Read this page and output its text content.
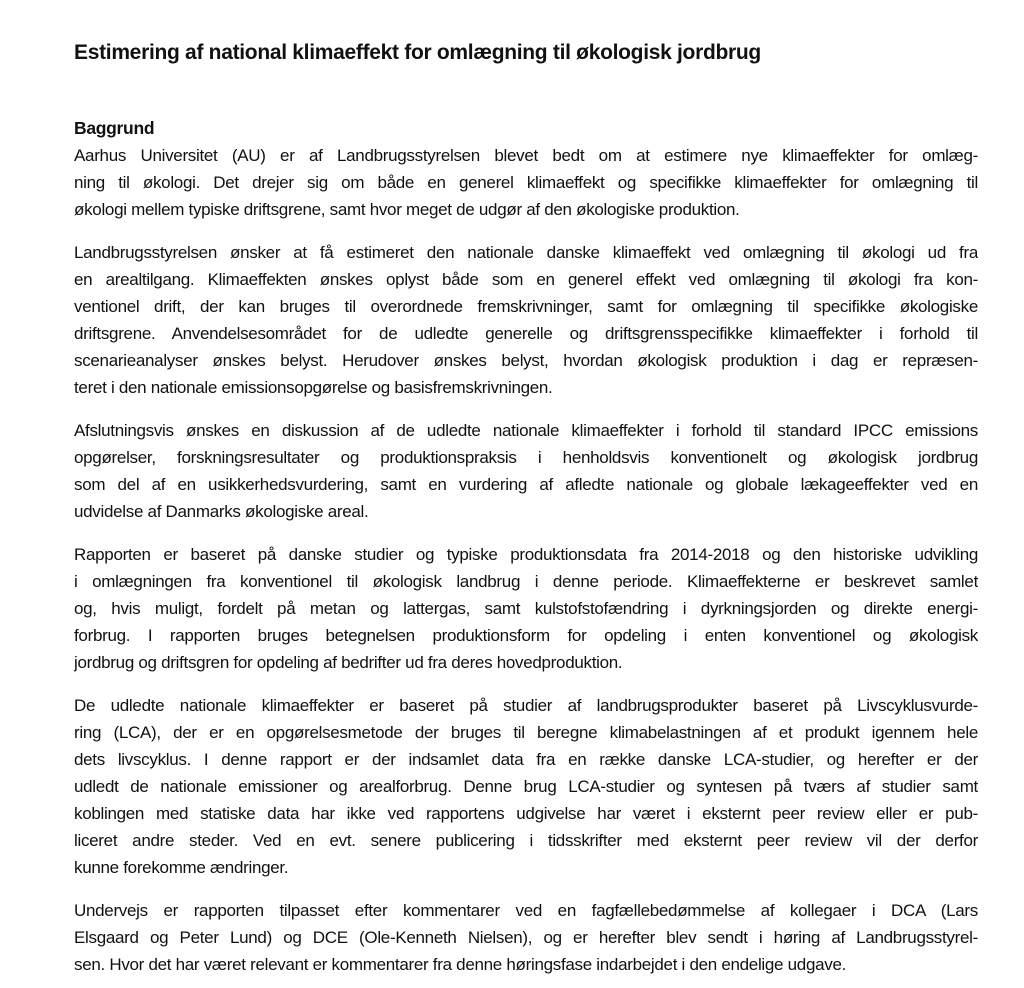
Estimering af national klimaeffekt for omlægning til økologisk jordbrug
Baggrund
Aarhus Universitet (AU) er af Landbrugsstyrelsen blevet bedt om at estimere nye klimaeffekter for omlæg-
ning til økologi. Det drejer sig om både en generel klimaeffekt og specifikke klimaeffekter for omlægning til
økologi mellem typiske driftsgrene, samt hvor meget de udgør af den økologiske produktion.
Landbrugsstyrelsen ønsker at få estimeret den nationale danske klimaeffekt ved omlægning til økologi ud fra
en arealtilgang. Klimaeffekten ønskes oplyst både som en generel effekt ved omlægning til økologi fra kon-
ventionel drift, der kan bruges til overordnede fremskrivninger, samt for omlægning til specifikke økologiske
driftsgrene. Anvendelsesområdet for de udledte generelle og driftsgrensspecifikke klimaeffekter i forhold til
scenarieanalyser ønskes belyst. Herudover ønskes belyst, hvordan økologisk produktion i dag er repræsen-
teret i den nationale emissionsopgørelse og basisfremskrivningen.
Afslutningsvis ønskes en diskussion af de udledte nationale klimaeffekter i forhold til standard IPCC emissions
opgørelser, forskningsresultater og produktionspraksis i henholdsvis konventionelt og økologisk jordbrug
som del af en usikkerhedsvurdering, samt en vurdering af afledte nationale og globale lækageeffekter ved en
udvidelse af Danmarks økologiske areal.
Rapporten er baseret på danske studier og typiske produktionsdata fra 2014-2018 og den historiske udvikling
i omlægningen fra konventionel til økologisk landbrug i denne periode. Klimaeffekterne er beskrevet samlet
og, hvis muligt, fordelt på metan og lattergas, samt kulstofstofændring i dyrkningsjorden og direkte energi-
forbrug. I rapporten bruges betegnelsen produktionsform for opdeling i enten konventionel og økologisk
jordbrug og driftsgren for opdeling af bedrifter ud fra deres hovedproduktion.
De udledte nationale klimaeffekter er baseret på studier af landbrugsprodukter baseret på Livscyklusvurde-
ring (LCA), der er en opgørelsesmetode der bruges til beregne klimabelastningen af et produkt igennem hele
dets livscyklus. I denne rapport er der indsamlet data fra en række danske LCA-studier, og herefter er der
udledt de nationale emissioner og arealforbrug. Denne brug LCA-studier og syntesen på tværs af studier samt
koblingen med statiske data har ikke ved rapportens udgivelse har været i eksternt peer review eller er pub-
liceret andre steder. Ved en evt. senere publicering i tidsskrifter med eksternt peer review vil der derfor
kunne forekomme ændringer.
Undervejs er rapporten tilpasset efter kommentarer ved en fagfællebedømmelse af kollegaer i DCA (Lars
Elsgaard og Peter Lund) og DCE (Ole-Kenneth Nielsen), og er herefter blev sendt i høring af Landbrugsstyrel-
sen. Hvor det har været relevant er kommentarer fra denne høringsfase indarbejdet i den endelige udgave.
